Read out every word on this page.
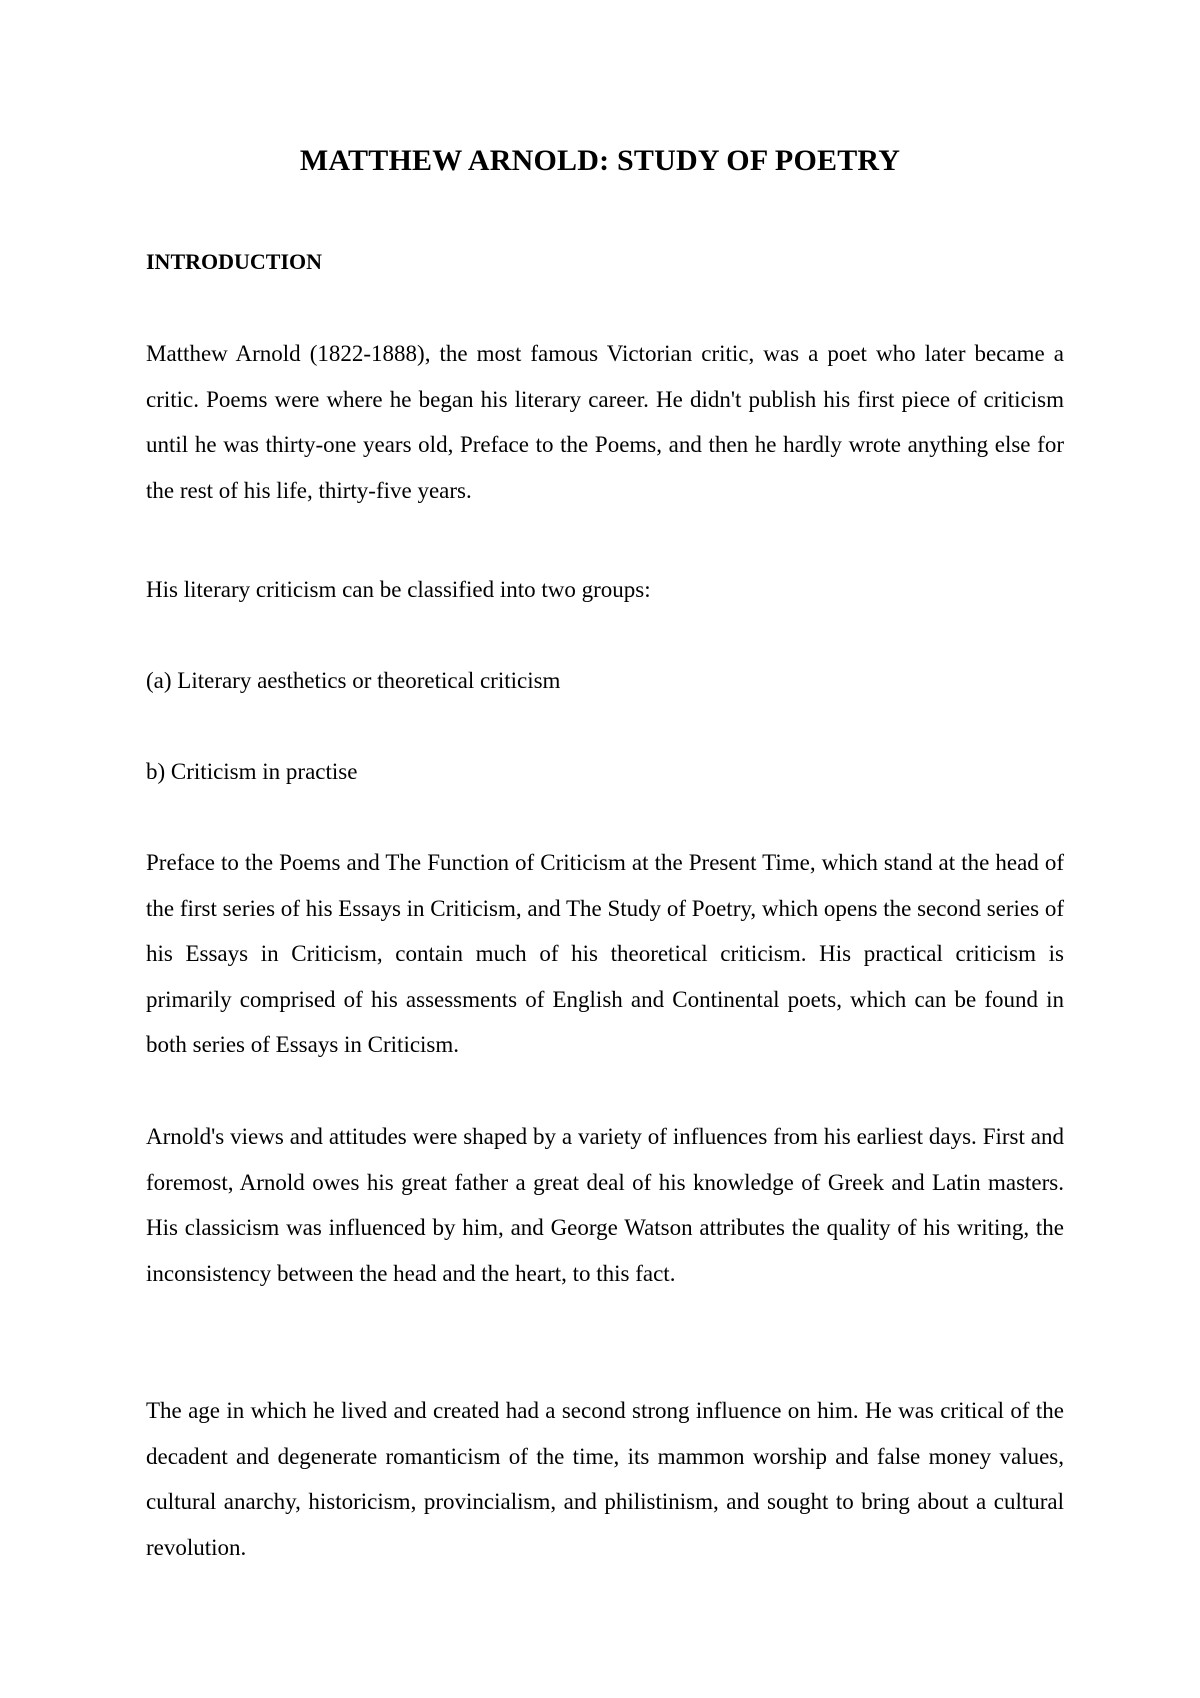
MATTHEW ARNOLD: STUDY OF POETRY
INTRODUCTION

Matthew Arnold (1822-1888), the most famous Victorian critic, was a poet who later became a critic. Poems were where he began his literary career. He didn't publish his first piece of criticism until he was thirty-one years old, Preface to the Poems, and then he hardly wrote anything else for the rest of his life, thirty-five years.

His literary criticism can be classified into two groups:

(a) Literary aesthetics or theoretical criticism

b) Criticism in practise

Preface to the Poems and The Function of Criticism at the Present Time, which stand at the head of the first series of his Essays in Criticism, and The Study of Poetry, which opens the second series of his Essays in Criticism, contain much of his theoretical criticism. His practical criticism is primarily comprised of his assessments of English and Continental poets, which can be found in both series of Essays in Criticism.

Arnold's views and attitudes were shaped by a variety of influences from his earliest days. First and foremost, Arnold owes his great father a great deal of his knowledge of Greek and Latin masters. His classicism was influenced by him, and George Watson attributes the quality of his writing, the inconsistency between the head and the heart, to this fact.

The age in which he lived and created had a second strong influence on him. He was critical of the decadent and degenerate romanticism of the time, its mammon worship and false money values, cultural anarchy, historicism, provincialism, and philistinism, and sought to bring about a cultural revolution.
